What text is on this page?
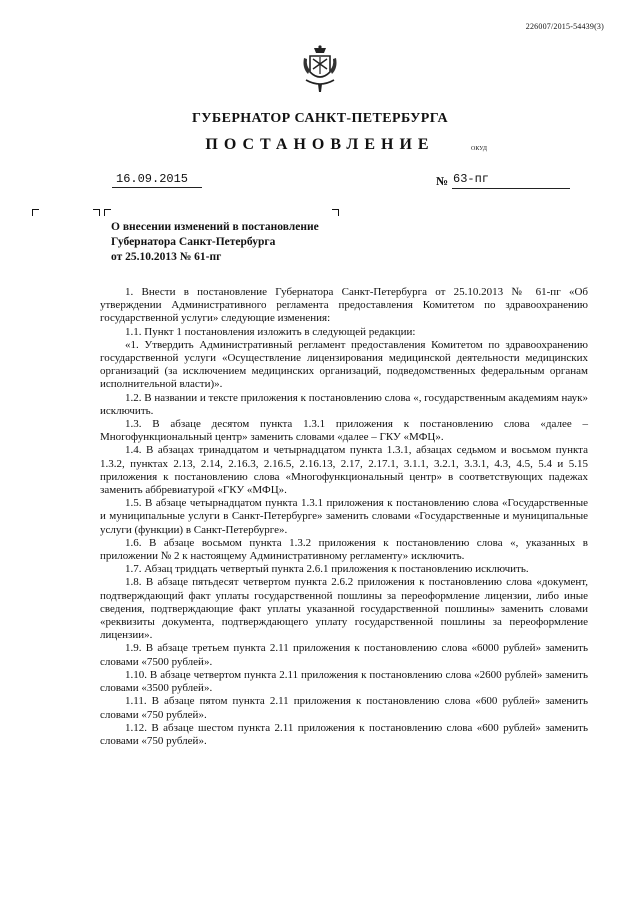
226007/2015-54439(3)
ГУБЕРНАТОР САНКТ-ПЕТЕРБУРГА
ПОСТАНОВЛЕНИЕ	ОКУД
16.09.2015	№ 63-пг
О внесении изменений в постановление
Губернатора Санкт-Петербурга
от 25.10.2013 № 61-пг

1. Внести в постановление Губернатора Санкт-Петербурга от 25.10.2013 № 61-пг «Об утверждении Административного регламента предоставления Комитетом по здравоохранению государственной услуги» следующие изменения:

1.1. Пункт 1 постановления изложить в следующей редакции:

«1. Утвердить Административный регламент предоставления Комитетом по здравоохранению государственной услуги «Осуществление лицензирования медицинской деятельности медицинских организаций (за исключением медицинских организаций, подведомственных федеральным органам исполнительной власти)».

1.2. В названии и тексте приложения к постановлению слова «, государственным академиям наук» исключить.

1.3. В абзаце десятом пункта 1.3.1 приложения к постановлению слова «далее – Многофункциональный центр» заменить словами «далее – ГКУ «МФЦ».

1.4. В абзацах тринадцатом и четырнадцатом пункта 1.3.1, абзацах седьмом и восьмом пункта 1.3.2, пунктах 2.13, 2.14, 2.16.3, 2.16.5, 2.16.13, 2.17, 2.17.1, 3.1.1, 3.2.1, 3.3.1, 4.3, 4.5, 5.4 и 5.15 приложения к постановлению слова «Многофункциональный центр» в соответствующих падежах заменить аббревиатурой «ГКУ «МФЦ».

1.5. В абзаце четырнадцатом пункта 1.3.1 приложения к постановлению слова «Государственные и муниципальные услуги в Санкт-Петербурге» заменить словами «Государственные и муниципальные услуги (функции) в Санкт-Петербурге».

1.6. В абзаце восьмом пункта 1.3.2 приложения к постановлению слова «, указанных в приложении № 2 к настоящему Административному регламенту» исключить.

1.7. Абзац тридцать четвертый пункта 2.6.1 приложения к постановлению исключить.

1.8. В абзаце пятьдесят четвертом пункта 2.6.2 приложения к постановлению слова «документ, подтверждающий факт уплаты государственной пошлины за переоформление лицензии, либо иные сведения, подтверждающие факт уплаты указанной государственной пошлины» заменить словами «реквизиты документа, подтверждающего уплату государственной пошлины за переоформление лицензии».

1.9. В абзаце третьем пункта 2.11 приложения к постановлению слова «6000 рублей» заменить словами «7500 рублей».

1.10. В абзаце четвертом пункта 2.11 приложения к постановлению слова «2600 рублей» заменить словами «3500 рублей».

1.11. В абзаце пятом пункта 2.11 приложения к постановлению слова «600 рублей» заменить словами «750 рублей».

1.12. В абзаце шестом пункта 2.11 приложения к постановлению слова «600 рублей» заменить словами «750 рублей».
